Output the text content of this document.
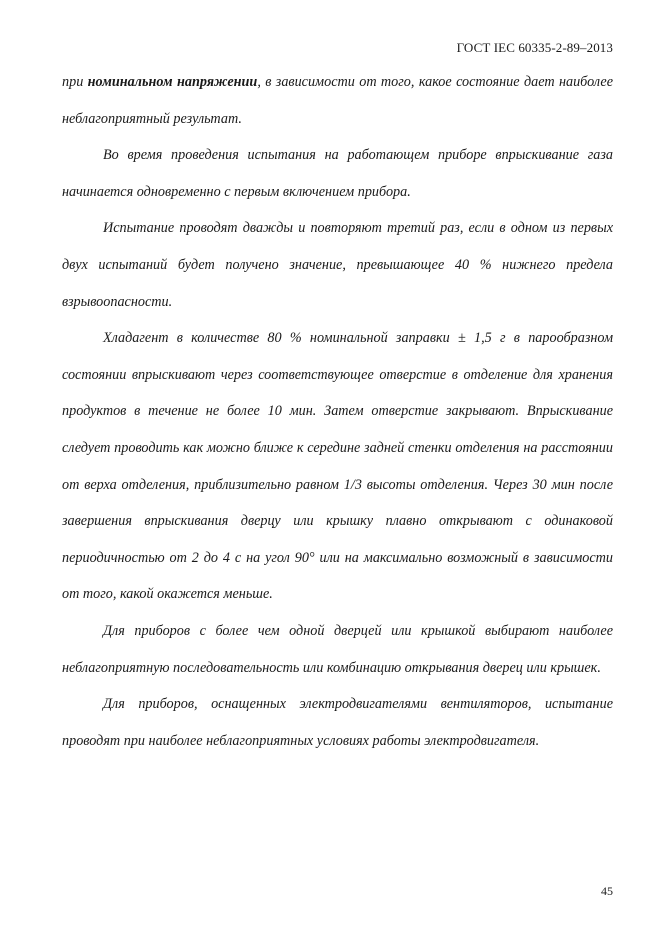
ГОСТ IEC 60335-2-89–2013

при номинальном напряжении, в зависимости от того, какое состояние дает наиболее неблагоприятный результат.

Во время проведения испытания на работающем приборе впрыскивание газа начинается одновременно с первым включением прибора.

Испытание проводят дважды и повторяют третий раз, если в одном из первых двух испытаний будет получено значение, превышающее 40 % нижнего предела взрывоопасности.

Хладагент в количестве 80 % номинальной заправки ± 1,5 г в парообразном состоянии впрыскивают через соответствующее отверстие в отделение для хранения продуктов в течение не более 10 мин. Затем отверстие закрывают. Впрыскивание следует проводить как можно ближе к середине задней стенки отделения на расстоянии от верха отделения, приблизительно равном 1/3 высоты отделения. Через 30 мин после завершения впрыскивания дверцу или крышку плавно открывают с одинаковой периодичностью от 2 до 4 с на угол 90° или на максимально возможный в зависимости от того, какой окажется меньше.

Для приборов с более чем одной дверцей или крышкой выбирают наиболее неблагоприятную последовательность или комбинацию открывания дверец или крышек.

Для приборов, оснащенных электродвигателями вентиляторов, испытание проводят при наиболее неблагоприятных условиях работы электродвигателя.

45
